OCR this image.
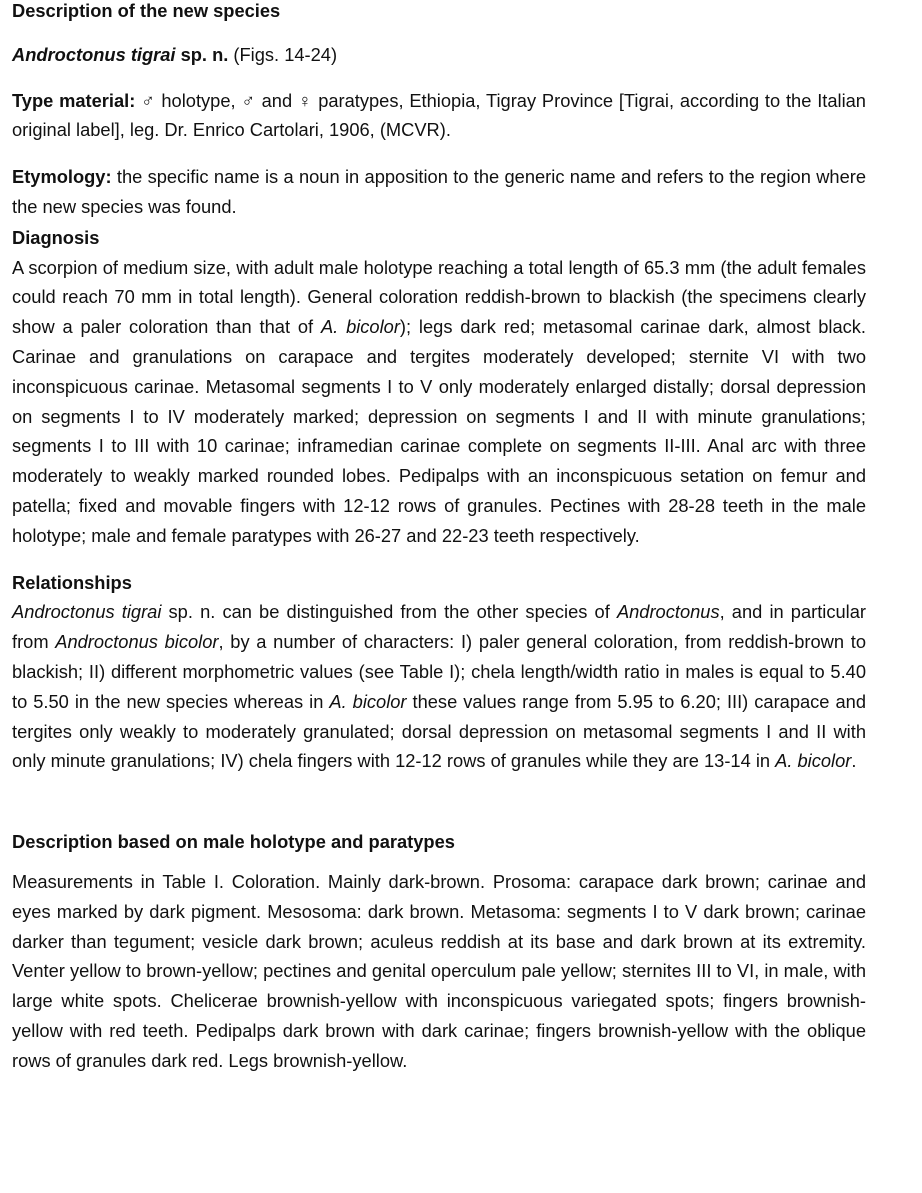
Description of the new species

Androctonus tigrai sp. n. (Figs. 14-24)

Type material: ♂ holotype, ♂ and ♀ paratypes, Ethiopia, Tigray Province [Tigrai, according to the Italian original label], leg. Dr. Enrico Cartolari, 1906, (MCVR).

Etymology: the specific name is a noun in apposition to the generic name and refers to the region where the new species was found.

Diagnosis

A scorpion of medium size, with adult male holotype reaching a total length of 65.3 mm (the adult females could reach 70 mm in total length). General coloration reddish-brown to blackish (the specimens clearly show a paler coloration than that of A. bicolor); legs dark red; metasomal carinae dark, almost black. Carinae and granulations on carapace and tergites moderately developed; sternite VI with two inconspicuous carinae. Metasomal segments I to V only moderately enlarged distally; dorsal depression on segments I to IV moderately marked; depression on segments I and II with minute granulations; segments I to III with 10 carinae; inframedian carinae complete on segments II-III. Anal arc with three moderately to weakly marked rounded lobes. Pedipalps with an inconspicuous setation on femur and patella; fixed and movable fingers with 12-12 rows of granules. Pectines with 28-28 teeth in the male holotype; male and female paratypes with 26-27 and 22-23 teeth respectively.

Relationships

Androctonus tigrai sp. n. can be distinguished from the other species of Androctonus, and in particular from Androctonus bicolor, by a number of characters: I) paler general coloration, from reddish-brown to blackish; II) different morphometric values (see Table I); chela length/width ratio in males is equal to 5.40 to 5.50 in the new species whereas in A. bicolor these values range from 5.95 to 6.20; III) carapace and tergites only weakly to moderately granulated; dorsal depression on metasomal segments I and II with only minute granulations; IV) chela fingers with 12-12 rows of granules while they are 13-14 in A. bicolor.

Description based on male holotype and paratypes

Measurements in Table I. Coloration. Mainly dark-brown. Prosoma: carapace dark brown; carinae and eyes marked by dark pigment. Mesosoma: dark brown. Metasoma: segments I to V dark brown; carinae darker than tegument; vesicle dark brown; aculeus reddish at its base and dark brown at its extremity. Venter yellow to brown-yellow; pectines and genital operculum pale yellow; sternites III to VI, in male, with large white spots. Chelicerae brownish-yellow with inconspicuous variegated spots; fingers brownish-yellow with red teeth. Pedipalps dark brown with dark carinae; fingers brownish-yellow with the oblique rows of granules dark red. Legs brownish-yellow.
